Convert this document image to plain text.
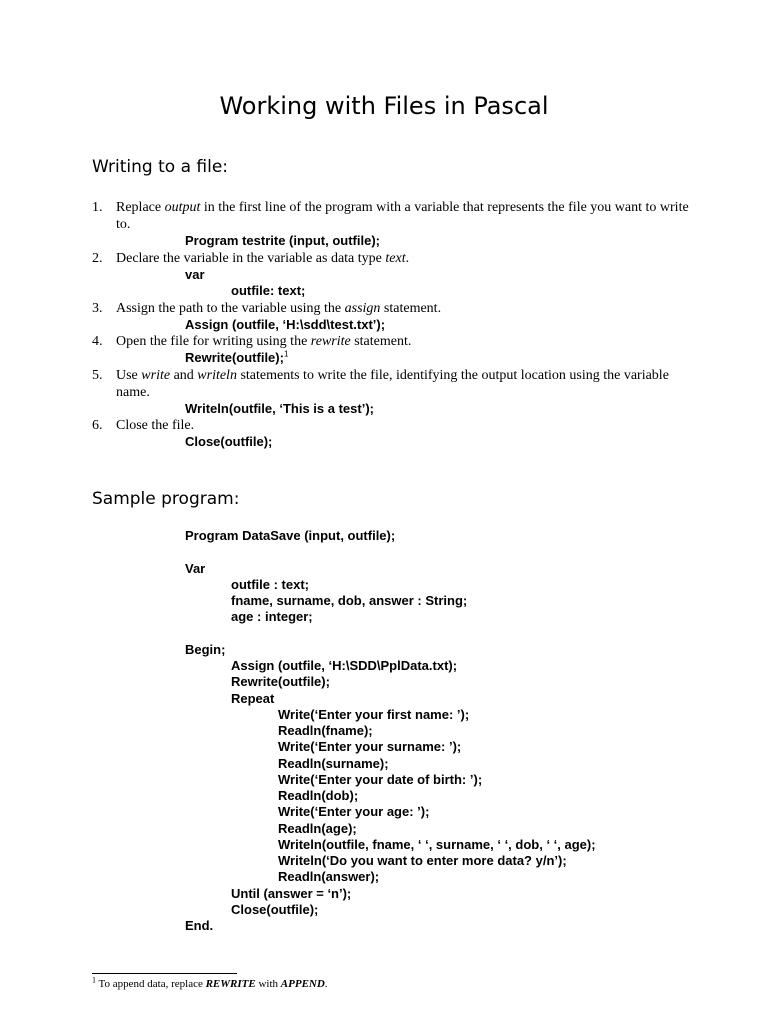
Working with Files in Pascal
Writing to a file:
1. Replace output in the first line of the program with a variable that represents the file you want to write to.
Program testrite (input, outfile);
2. Declare the variable in the variable as data type text.
var
outfile: text;
3. Assign the path to the variable using the assign statement.
Assign (outfile, ‘H:\sdd\test.txt’);
4. Open the file for writing using the rewrite statement.
Rewrite(outfile);$^1$
5. Use write and writeln statements to write the file, identifying the output location using the variable name.
Writeln(outfile, ‘This is a test’);
6. Close the file.
Close(outfile);
Sample program:
Program DataSave (input, outfile);
Var
outfile : text;
fname, surname, dob, answer : String;
age : integer;
Begin;
Assign (outfile, ‘H:\SDD\PplData.txt);
Rewrite(outfile);
Repeat
Write(‘Enter your first name: ’);
Readln(fname);
Write(‘Enter your surname: ’);
Readln(surname);
Write(‘Enter your date of birth: ’);
Readln(dob);
Write(‘Enter your age: ’);
Readln(age);
Writeln(outfile, fname, ‘ ‘, surname, ‘ ‘, dob, ‘ ‘, age);
Writeln(‘Do you want to enter more data? y/n’);
Readln(answer);
Until (answer = ‘n’);
Close(outfile);
End.
$^1$ To append data, replace REWRITE with APPEND.
